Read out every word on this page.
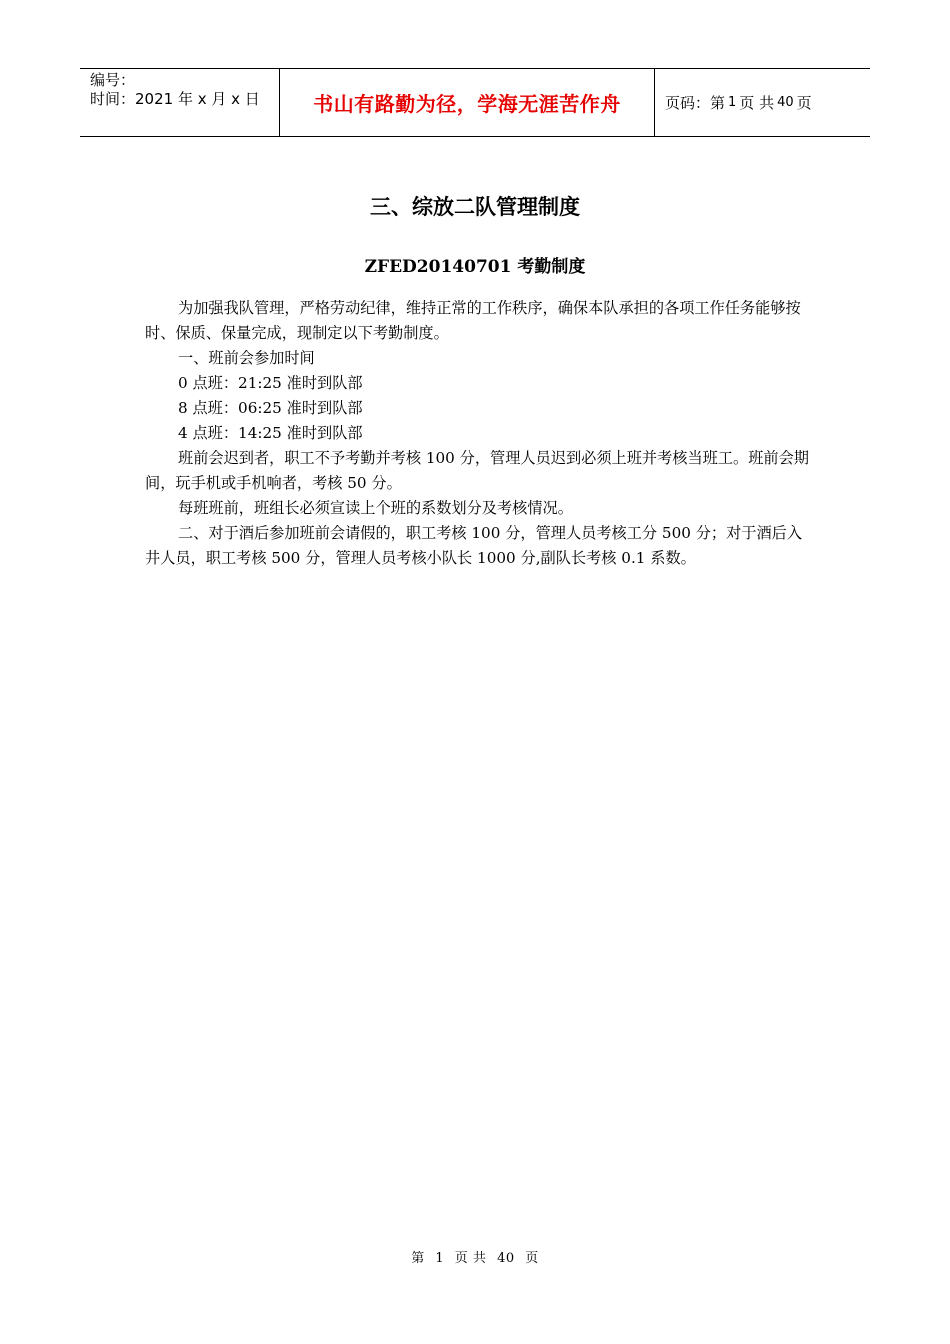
编号：
时间：2021 年 x 月 x 日	书山有路勤为径，学海无涯苦作舟	页码：第 1 页 共 40 页
三、综放二队管理制度
ZFED20140701 考勤制度

为加强我队管理，严格劳动纪律，维持正常的工作秩序，确保本队承担的各项工作任务能够按时、保质、保量完成，现制定以下考勤制度。

一、班前会参加时间

0 点班：21:25 准时到队部

8 点班：06:25 准时到队部

4 点班：14:25 准时到队部

班前会迟到者，职工不予考勤并考核 100 分，管理人员迟到必须上班并考核当班工。班前会期间，玩手机或手机响者，考核 50 分。

每班班前，班组长必须宣读上个班的系数划分及考核情况。

二、对于酒后参加班前会请假的，职工考核 100 分，管理人员考核工分 500 分；对于酒后入井人员，职工考核 500 分，管理人员考核小队长 1000 分,副队长考核 0.1 系数。

第 1 页 共 40 页
